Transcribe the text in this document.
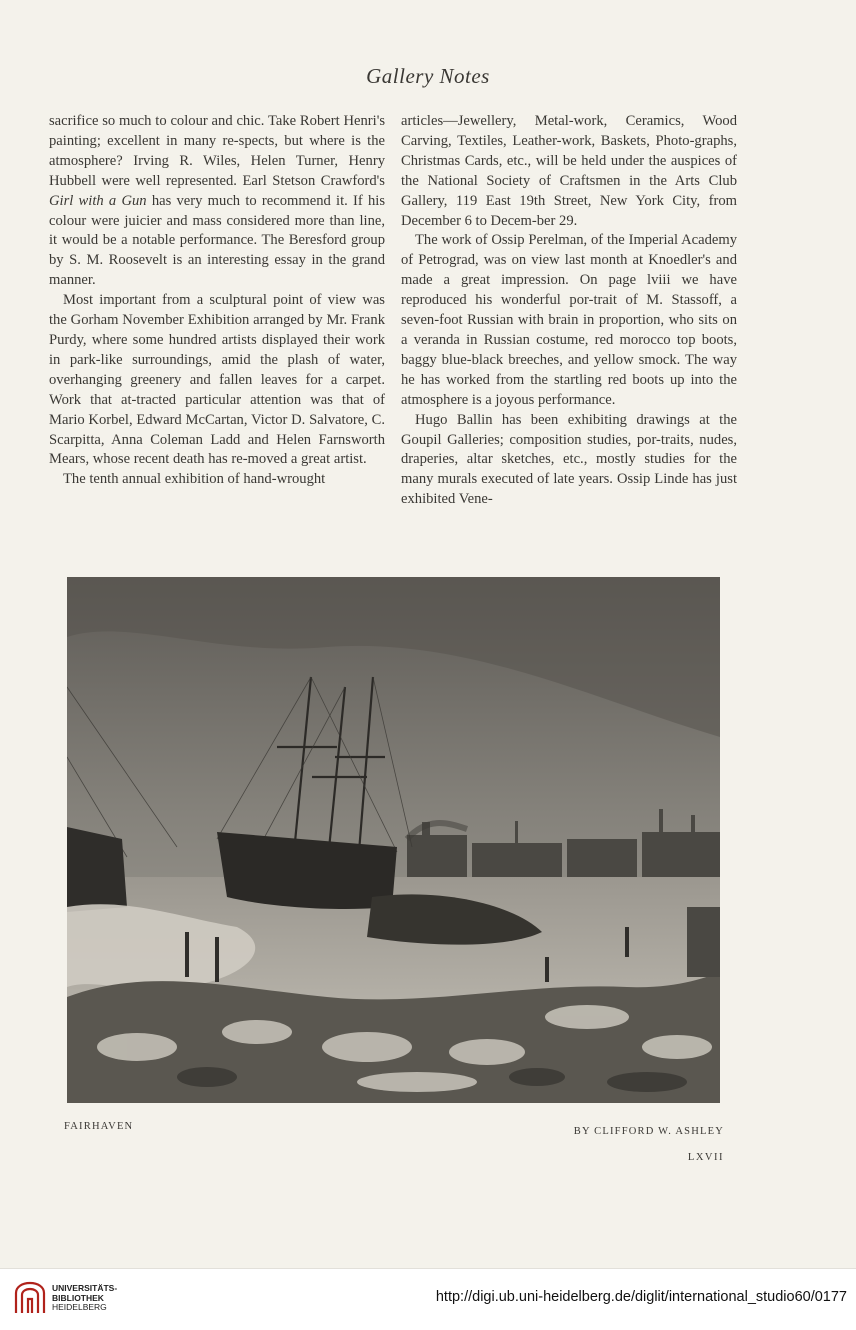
Gallery Notes

sacrifice so much to colour and chic. Take Robert Henri's painting; excellent in many re-spects, but where is the atmosphere? Irving R. Wiles, Helen Turner, Henry Hubbell were well represented. Earl Stetson Crawford's Girl with a Gun has very much to recommend it. If his colour were juicier and mass considered more than line, it would be a notable performance. The Beresford group by S. M. Roosevelt is an interesting essay in the grand manner.

Most important from a sculptural point of view was the Gorham November Exhibition arranged by Mr. Frank Purdy, where some hundred artists displayed their work in park-like surroundings, amid the plash of water, overhanging greenery and fallen leaves for a carpet. Work that at-tracted particular attention was that of Mario Korbel, Edward McCartan, Victor D. Salvatore, C. Scarpitta, Anna Coleman Ladd and Helen Farnsworth Mears, whose recent death has re-moved a great artist.

The tenth annual exhibition of hand-wrought

articles—Jewellery, Metal-work, Ceramics, Wood Carving, Textiles, Leather-work, Baskets, Photo-graphs, Christmas Cards, etc., will be held under the auspices of the National Society of Craftsmen in the Arts Club Gallery, 119 East 19th Street, New York City, from December 6 to Decem-ber 29.

The work of Ossip Perelman, of the Imperial Academy of Petrograd, was on view last month at Knoedler's and made a great impression. On page lviii we have reproduced his wonderful por-trait of M. Stassoff, a seven-foot Russian with brain in proportion, who sits on a veranda in Russian costume, red morocco top boots, baggy blue-black breeches, and yellow smock. The way he has worked from the startling red boots up into the atmosphere is a joyous performance.

Hugo Ballin has been exhibiting drawings at the Goupil Galleries; composition studies, por-traits, nudes, draperies, altar sketches, etc., mostly studies for the many murals executed of late years. Ossip Linde has just exhibited Vene-

FAIRHAVEN	BY CLIFFORD W. ASHLEY
LXVII
UNIVERSITÄTS-
BIBLIOTHEK
HEIDELBERG
http://digi.ub.uni-heidelberg.de/diglit/international_studio60/0177
